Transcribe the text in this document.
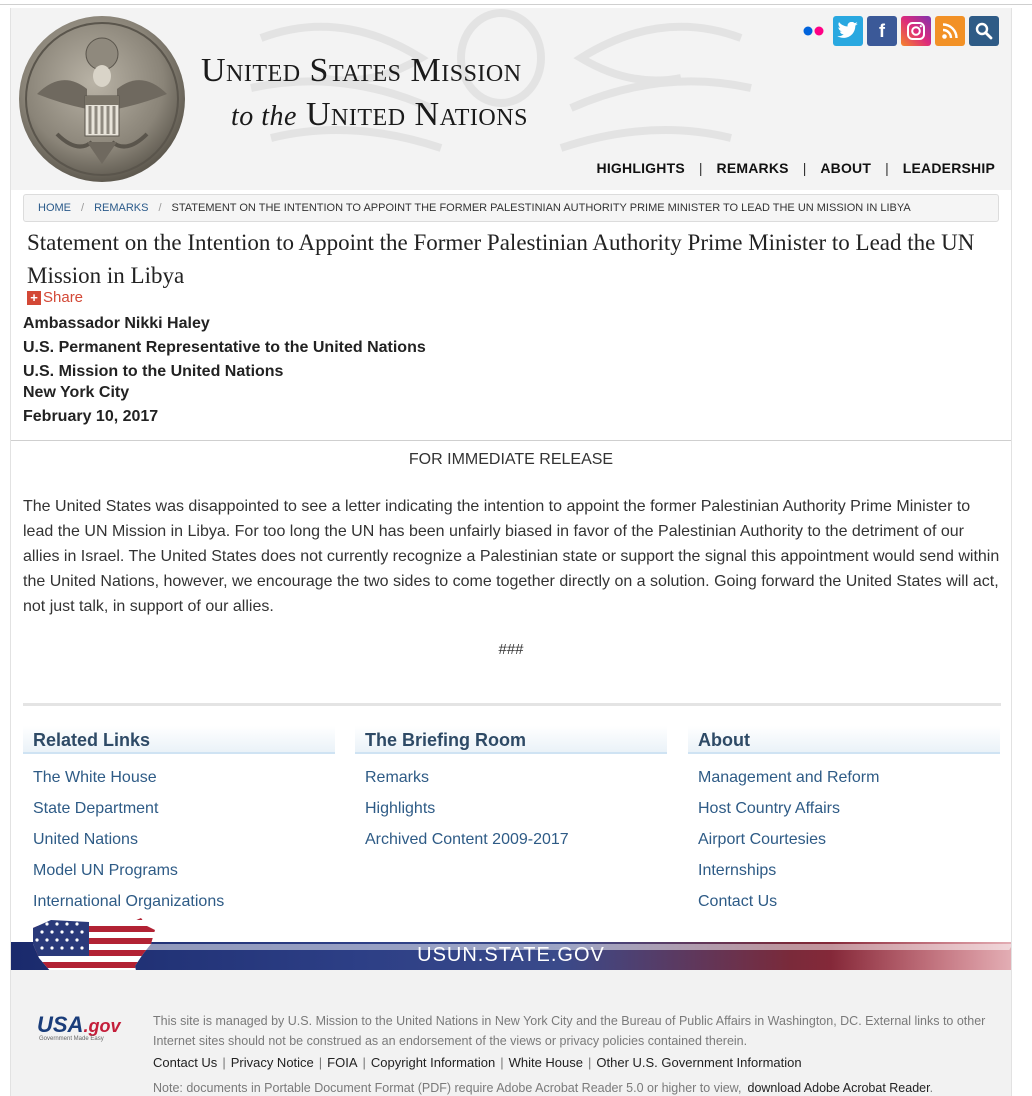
United States Mission
to the United Nations
f
HIGHLIGHTS | REMARKS | ABOUT | LEADERSHIP
HOME / REMARKS / STATEMENT ON THE INTENTION TO APPOINT THE FORMER PALESTINIAN AUTHORITY PRIME MINISTER TO LEAD THE UN MISSION IN LIBYA
Statement on the Intention to Appoint the Former Palestinian Authority Prime Minister to Lead the UN Mission in Libya
+ Share
Ambassador Nikki Haley
U.S. Permanent Representative to the United Nations
U.S. Mission to the United Nations
New York City
February 10, 2017
FOR IMMEDIATE RELEASE
The United States was disappointed to see a letter indicating the intention to appoint the former Palestinian Authority Prime Minister to lead the UN Mission in Libya. For too long the UN has been unfairly biased in favor of the Palestinian Authority to the detriment of our allies in Israel. The United States does not currently recognize a Palestinian state or support the signal this appointment would send within the United Nations, however, we encourage the two sides to come together directly on a solution. Going forward the United States will act, not just talk, in support of our allies.
###
Related Links
The White House
State Department
United Nations
Model UN Programs
International Organizations
The Briefing Room
Remarks
Highlights
Archived Content 2009-2017
About
Management and Reform
Host Country Affairs
Airport Courtesies
Internships
Contact Us
USUN.STATE.GOV
USA.gov
Government Made Easy
This site is managed by U.S. Mission to the United Nations in New York City and the Bureau of Public Affairs in Washington, DC. External links to other Internet sites should not be construed as an endorsement of the views or privacy policies contained therein.
Contact Us | Privacy Notice | FOIA | Copyright Information | White House | Other U.S. Government Information
Note: documents in Portable Document Format (PDF) require Adobe Acrobat Reader 5.0 or higher to view, download Adobe Acrobat Reader.
